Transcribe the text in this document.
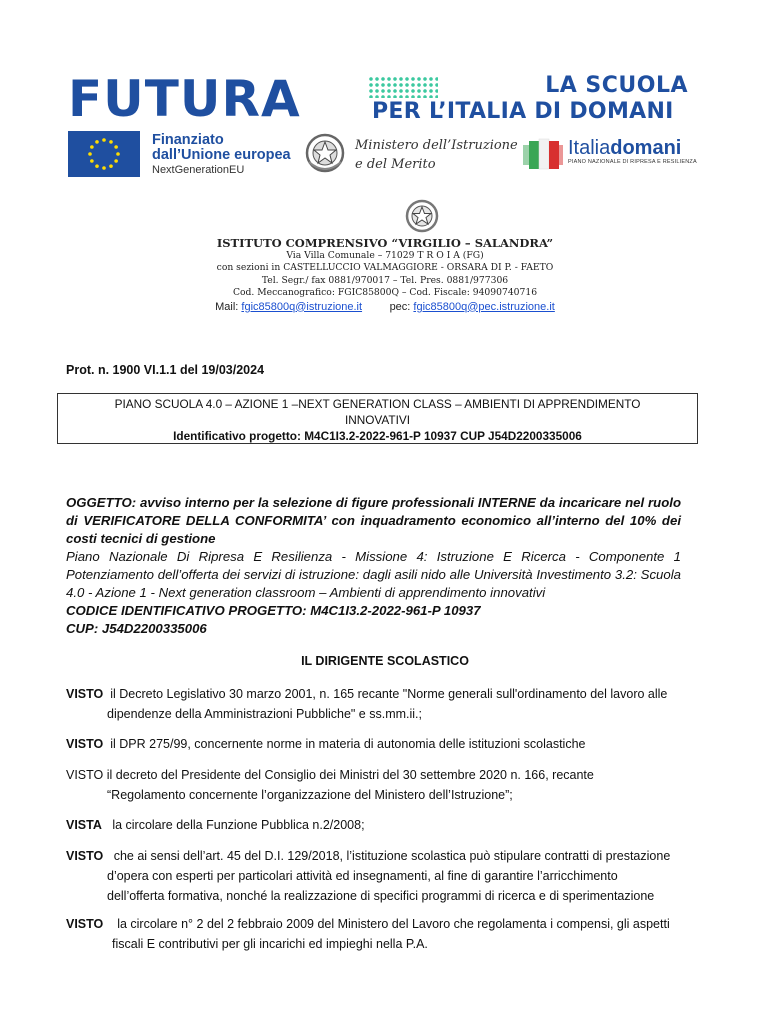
FUTURA	LA SCUOLA
PER L’ITALIA DI DOMANI
Finanziato
dall’Unione europea
NextGenerationEU
Ministero dell’Istruzione
e del Merito
Italiadomani
PIANO NAZIONALE DI RIPRESA E RESILIENZA
ISTITUTO COMPRENSIVO “VIRGILIO – SALANDRA”
Via Villa Comunale – 71029 T R O I A (FG)
con sezioni in CASTELLUCCIO VALMAGGIORE - ORSARA DI P. - FAETO
Tel. Segr./ fax 0881/970017 – Tel. Pres. 0881/977306
Cod. Meccanografico: FGIC85800Q – Cod. Fiscale: 94090740716
Mail: fgic85800q@istruzione.it	pec: fgic85800q@pec.istruzione.it
Prot. n. 1900 VI.1.1 del 19/03/2024
PIANO SCUOLA 4.0 – AZIONE 1 –NEXT GENERATION CLASS – AMBIENTI DI APPRENDIMENTO
INNOVATIVI
Identificativo progetto: M4C1I3.2-2022-961-P 10937 CUP J54D2200335006
OGGETTO: avviso interno per la selezione di figure professionali INTERNE da incaricare nel ruolo di VERIFICATORE DELLA CONFORMITA’ con inquadramento economico all’interno del 10% dei costi tecnici di gestione
Piano Nazionale Di Ripresa E Resilienza - Missione 4: Istruzione E Ricerca - Componente 1 Potenziamento dell’offerta dei servizi di istruzione: dagli asili nido alle Università Investimento 3.2: Scuola 4.0 - Azione 1 - Next generation classroom – Ambienti di apprendimento innovativi
CODICE IDENTIFICATIVO PROGETTO: M4C1I3.2-2022-961-P 10937
CUP: J54D2200335006
IL DIRIGENTE SCOLASTICO
VISTO il Decreto Legislativo 30 marzo 2001, n. 165 recante "Norme generali sull'ordinamento del lavoro alle
dipendenze della Amministrazioni Pubbliche" e ss.mm.ii.;
VISTO il DPR 275/99, concernente norme in materia di autonomia delle istituzioni scolastiche
VISTO il decreto del Presidente del Consiglio dei Ministri del 30 settembre 2020 n. 166, recante
“Regolamento concernente l’organizzazione del Ministero dell’Istruzione”;
VISTA la circolare della Funzione Pubblica n.2/2008;
VISTO che ai sensi dell’art. 45 del D.I. 129/2018, l’istituzione scolastica può stipulare contratti di prestazione
d’opera con esperti per particolari attività ed insegnamenti, al fine di garantire l’arricchimento
dell’offerta formativa, nonché la realizzazione di specifici programmi di ricerca e di sperimentazione
VISTO la circolare n° 2 del 2 febbraio 2009 del Ministero del Lavoro che regolamenta i compensi, gli aspetti
fiscali E contributivi per gli incarichi ed impieghi nella P.A.
